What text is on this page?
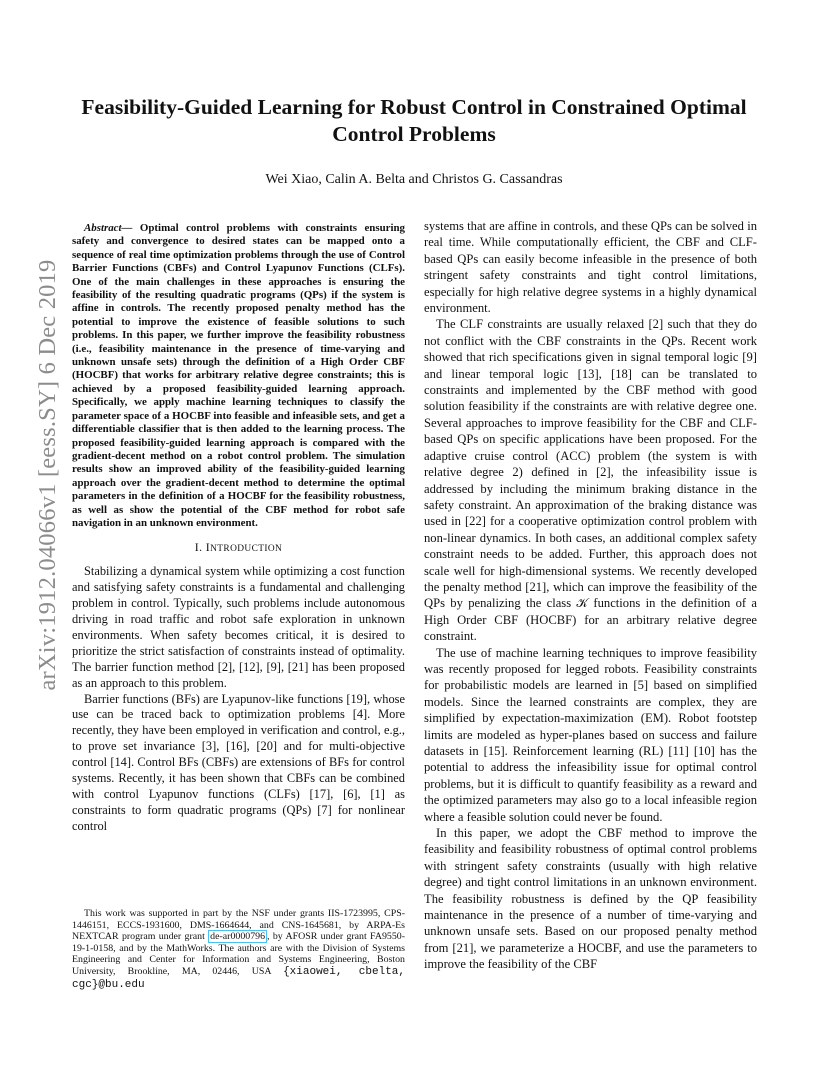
Feasibility-Guided Learning for Robust Control in Constrained Optimal Control Problems
Wei Xiao, Calin A. Belta and Christos G. Cassandras
arXiv:1912.04066v1 [eess.SY] 6 Dec 2019

Abstract— Optimal control problems with constraints ensuring safety and convergence to desired states can be mapped onto a sequence of real time optimization problems through the use of Control Barrier Functions (CBFs) and Control Lyapunov Functions (CLFs). One of the main challenges in these approaches is ensuring the feasibility of the resulting quadratic programs (QPs) if the system is affine in controls. The recently proposed penalty method has the potential to improve the existence of feasible solutions to such problems. In this paper, we further improve the feasibility robustness (i.e., feasibility maintenance in the presence of time-varying and unknown unsafe sets) through the definition of a High Order CBF (HOCBF) that works for arbitrary relative degree constraints; this is achieved by a proposed feasibility-guided learning approach. Specifically, we apply machine learning techniques to classify the parameter space of a HOCBF into feasible and infeasible sets, and get a differentiable classifier that is then added to the learning process. The proposed feasibility-guided learning approach is compared with the gradient-decent method on a robot control problem. The simulation results show an improved ability of the feasibility-guided learning approach over the gradient-decent method to determine the optimal parameters in the definition of a HOCBF for the feasibility robustness, as well as show the potential of the CBF method for robot safe navigation in an unknown environment.

I. INTRODUCTION

Stabilizing a dynamical system while optimizing a cost function and satisfying safety constraints is a fundamental and challenging problem in control. Typically, such problems include autonomous driving in road traffic and robot safe exploration in unknown environments. When safety becomes critical, it is desired to prioritize the strict satisfaction of constraints instead of optimality. The barrier function method [2], [12], [9], [21] has been proposed as an approach to this problem.

Barrier functions (BFs) are Lyapunov-like functions [19], whose use can be traced back to optimization problems [4]. More recently, they have been employed in verification and control, e.g., to prove set invariance [3], [16], [20] and for multi-objective control [14]. Control BFs (CBFs) are extensions of BFs for control systems. Recently, it has been shown that CBFs can be combined with control Lyapunov functions (CLFs) [17], [6], [1] as constraints to form quadratic programs (QPs) [7] for nonlinear control

This work was supported in part by the NSF under grants IIS-1723995, CPS-1446151, ECCS-1931600, DMS-1664644, and CNS-1645681, by ARPA-Es NEXTCAR program under grant de-ar0000796 , by AFOSR under grant FA9550-19-1-0158, and by the MathWorks. The authors are with the Division of Systems Engineering and Center for Information and Systems Engineering, Boston University, Brookline, MA, 02446, USA {xiaowei, cbelta, cgc}@bu.edu

systems that are affine in controls, and these QPs can be solved in real time. While computationally efficient, the CBF and CLF-based QPs can easily become infeasible in the presence of both stringent safety constraints and tight control limitations, especially for high relative degree systems in a highly dynamical environment.

The CLF constraints are usually relaxed [2] such that they do not conflict with the CBF constraints in the QPs. Recent work showed that rich specifications given in signal temporal logic [9] and linear temporal logic [13], [18] can be translated to constraints and implemented by the CBF method with good solution feasibility if the constraints are with relative degree one. Several approaches to improve feasibility for the CBF and CLF-based QPs on specific applications have been proposed. For the adaptive cruise control (ACC) problem (the system is with relative degree 2) defined in [2], the infeasibility issue is addressed by including the minimum braking distance in the safety constraint. An approximation of the braking distance was used in [22] for a cooperative optimization control problem with non-linear dynamics. In both cases, an additional complex safety constraint needs to be added. Further, this approach does not scale well for high-dimensional systems. We recently developed the penalty method [21], which can improve the feasibility of the QPs by penalizing the class 𝒦 functions in the definition of a High Order CBF (HOCBF) for an arbitrary relative degree constraint.

The use of machine learning techniques to improve feasibility was recently proposed for legged robots. Feasibility constraints for probabilistic models are learned in [5] based on simplified models. Since the learned constraints are complex, they are simplified by expectation-maximization (EM). Robot footstep limits are modeled as hyper-planes based on success and failure datasets in [15]. Reinforcement learning (RL) [11] [10] has the potential to address the infeasibility issue for optimal control problems, but it is difficult to quantify feasibility as a reward and the optimized parameters may also go to a local infeasible region where a feasible solution could never be found.

In this paper, we adopt the CBF method to improve the feasibility and feasibility robustness of optimal control problems with stringent safety constraints (usually with high relative degree) and tight control limitations in an unknown environment. The feasibility robustness is defined by the QP feasibility maintenance in the presence of a number of time-varying and unknown unsafe sets. Based on our proposed penalty method from [21], we parameterize a HOCBF, and use the parameters to improve the feasibility of the CBF
